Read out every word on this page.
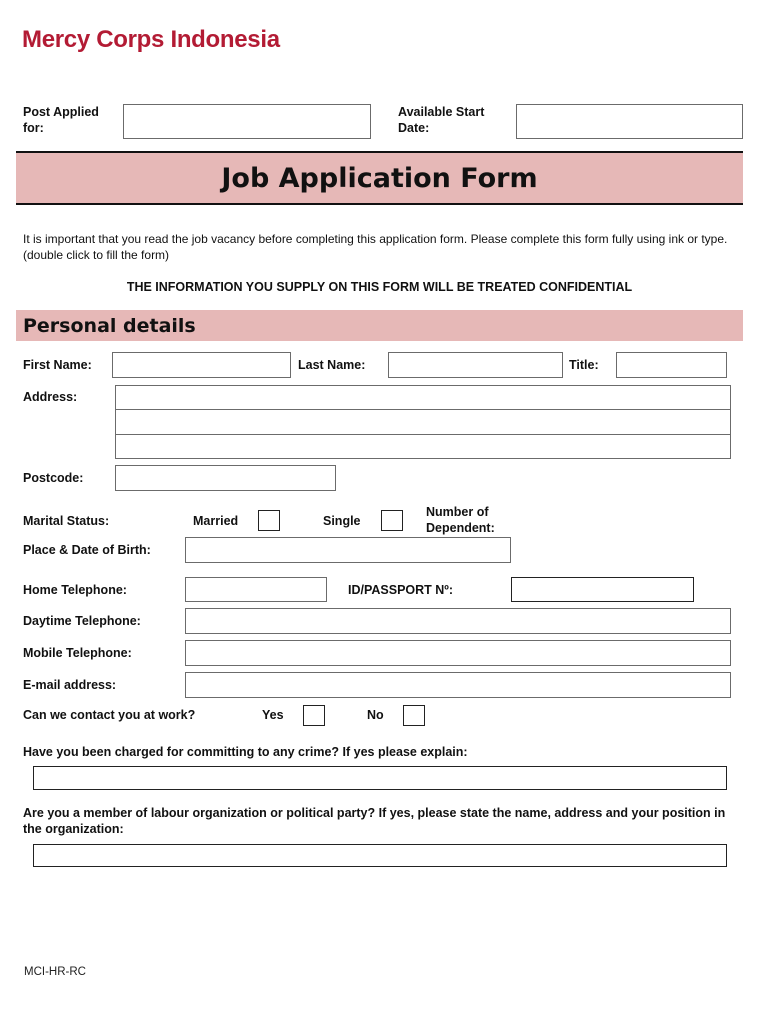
Mercy Corps Indonesia
Post Applied for:
Available Start Date:
Job Application Form
It is important that you read the job vacancy before completing this application form. Please complete this form fully using ink or type. (double click to fill the form)
THE INFORMATION YOU SUPPLY ON THIS FORM WILL BE TREATED CONFIDENTIAL
Personal details
First Name:	Last Name:	Title:
Address:
Postcode:
Marital Status:	Married	Single
Number of Dependent:
Place & Date of Birth:
Home Telephone:	ID/PASSPORT Nº:
Daytime Telephone:
Mobile Telephone:
E-mail address:
Can we contact you at work?	Yes	No
Have you been charged for committing to any crime? If yes please explain:
Are you a member of labour organization or political party? If yes, please state the name, address and your position in the organization:
MCI-HR-RC
